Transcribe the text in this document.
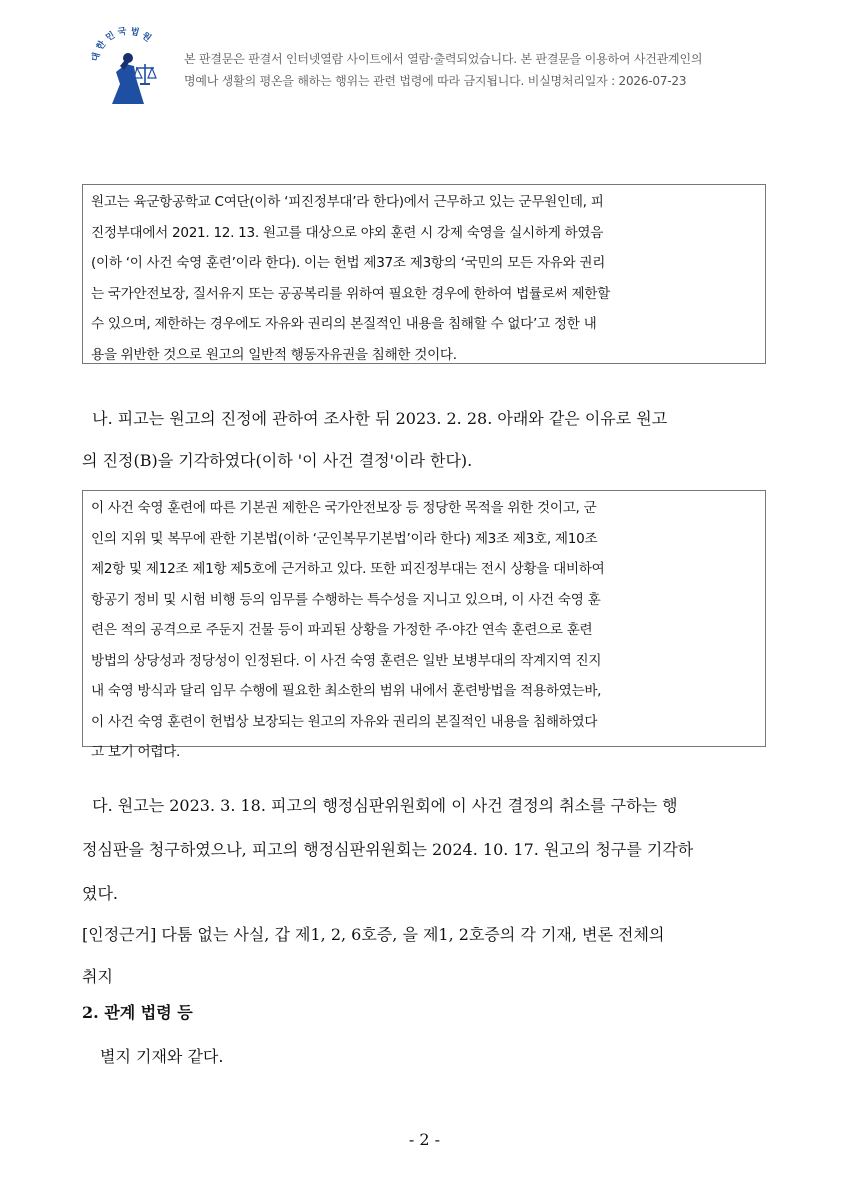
대한민국법원
본 판결문은 판결서 인터넷열람 사이트에서 열람·출력되었습니다. 본 판결문을 이용하여 사건관계인의
명예나 생활의 평온을 해하는 행위는 관련 법령에 따라 금지됩니다. 비실명처리일자 : 2026-07-23
원고는 육군항공학교 C여단(이하 ‘피진정부대’라 한다)에서 근무하고 있는 군무원인데, 피
진정부대에서 2021. 12. 13. 원고를 대상으로 야외 훈련 시 강제 숙영을 실시하게 하였음
(이하 ‘이 사건 숙영 훈련’이라 한다). 이는 헌법 제37조 제3항의 ‘국민의 모든 자유와 권리
는 국가안전보장, 질서유지 또는 공공복리를 위하여 필요한 경우에 한하여 법률로써 제한할
수 있으며, 제한하는 경우에도 자유와 권리의 본질적인 내용을 침해할 수 없다’고 정한 내
용을 위반한 것으로 원고의 일반적 행동자유권을 침해한 것이다.
나. 피고는 원고의 진정에 관하여 조사한 뒤 2023. 2. 28. 아래와 같은 이유로 원고
의 진정(B)을 기각하였다(이하 '이 사건 결정'이라 한다).
이 사건 숙영 훈련에 따른 기본권 제한은 국가안전보장 등 정당한 목적을 위한 것이고, 군
인의 지위 및 복무에 관한 기본법(이하 ‘군인복무기본법’이라 한다) 제3조 제3호, 제10조
제2항 및 제12조 제1항 제5호에 근거하고 있다. 또한 피진정부대는 전시 상황을 대비하여
항공기 정비 및 시험 비행 등의 임무를 수행하는 특수성을 지니고 있으며, 이 사건 숙영 훈
련은 적의 공격으로 주둔지 건물 등이 파괴된 상황을 가정한 주·야간 연속 훈련으로 훈련
방법의 상당성과 정당성이 인정된다. 이 사건 숙영 훈련은 일반 보병부대의 작계지역 진지
내 숙영 방식과 달리 임무 수행에 필요한 최소한의 범위 내에서 훈련방법을 적용하였는바,
이 사건 숙영 훈련이 헌법상 보장되는 원고의 자유와 권리의 본질적인 내용을 침해하였다
고 보기 어렵다.
다. 원고는 2023. 3. 18. 피고의 행정심판위원회에 이 사건 결정의 취소를 구하는 행
정심판을 청구하였으나, 피고의 행정심판위원회는 2024. 10. 17. 원고의 청구를 기각하
였다.
[인정근거] 다툼 없는 사실, 갑 제1, 2, 6호증, 을 제1, 2호증의 각 기재, 변론 전체의
취지
2. 관계 법령 등
별지 기재와 같다.
- 2 -
